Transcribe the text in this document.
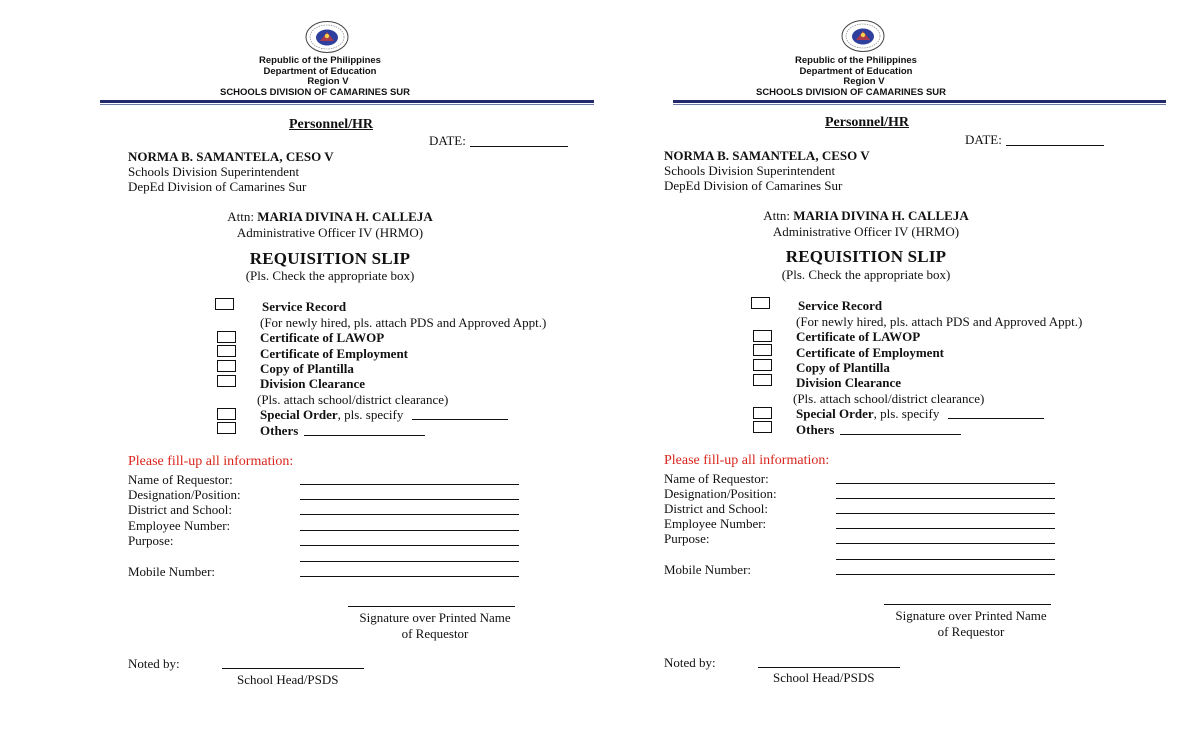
Republic of the Philippines
Department of Education
Region V
SCHOOLS DIVISION OF CAMARINES SUR
Personnel/HR
DATE:
NORMA B. SAMANTELA, CESO V
Schools Division Superintendent
DepEd Division of Camarines Sur
Attn: MARIA DIVINA H. CALLEJA
Administrative Officer IV (HRMO)
REQUISITION SLIP
(Pls. Check the appropriate box)
Service Record
(For newly hired, pls. attach PDS and Approved Appt.)
Certificate of LAWOP
Certificate of Employment
Copy of Plantilla
Division Clearance
(Pls. attach school/district clearance)
Special Order, pls. specify
Others
Please fill-up all information:
Name of Requestor:
Designation/Position:
District and School:
Employee Number:
Purpose:
Mobile Number:
Signature over Printed Name
of Requestor
Noted by:
School Head/PSDS
Republic of the Philippines
Department of Education
Region V
SCHOOLS DIVISION OF CAMARINES SUR
Personnel/HR
DATE:
NORMA B. SAMANTELA, CESO V
Schools Division Superintendent
DepEd Division of Camarines Sur
Attn: MARIA DIVINA H. CALLEJA
Administrative Officer IV (HRMO)
REQUISITION SLIP
(Pls. Check the appropriate box)
Service Record
(For newly hired, pls. attach PDS and Approved Appt.)
Certificate of LAWOP
Certificate of Employment
Copy of Plantilla
Division Clearance
(Pls. attach school/district clearance)
Special Order, pls. specify
Others
Please fill-up all information:
Name of Requestor:
Designation/Position:
District and School:
Employee Number:
Purpose:
Mobile Number:
Signature over Printed Name
of Requestor
Noted by:
School Head/PSDS
